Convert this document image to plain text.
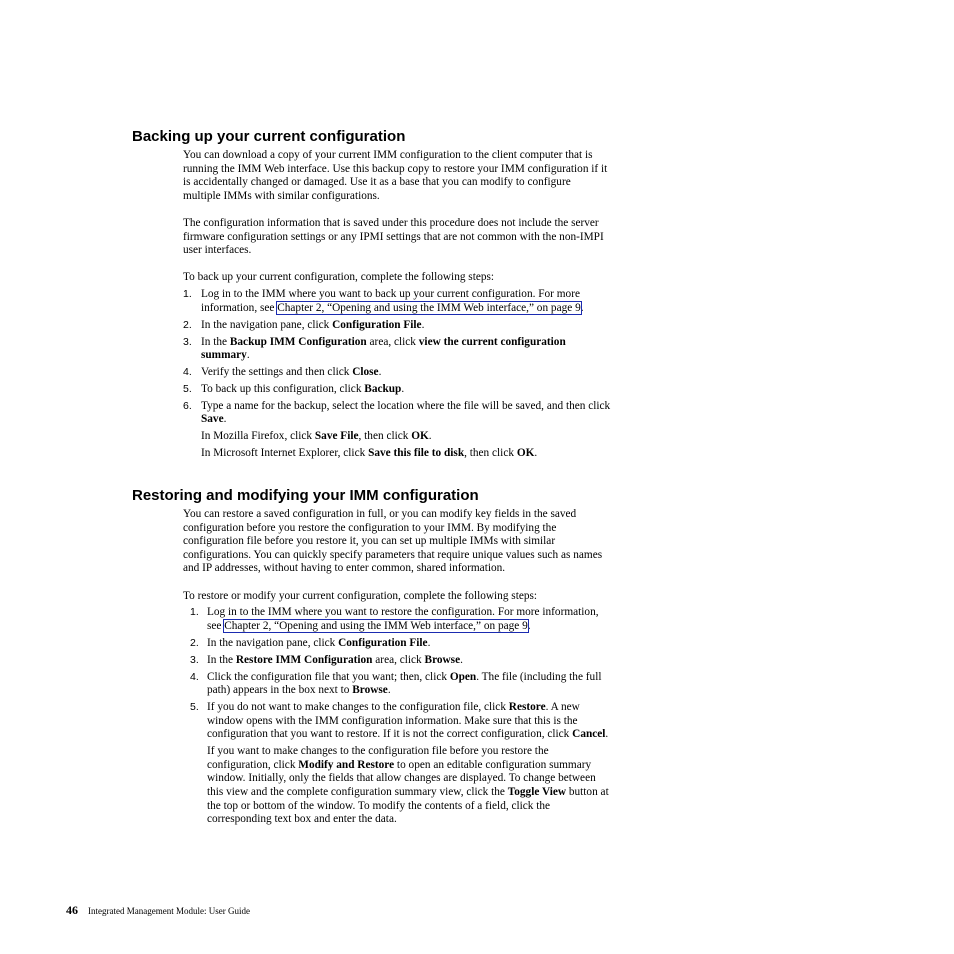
Backing up your current configuration

You can download a copy of your current IMM configuration to the client computer that is running the IMM Web interface. Use this backup copy to restore your IMM configuration if it is accidentally changed or damaged. Use it as a base that you can modify to configure multiple IMMs with similar configurations.

The configuration information that is saved under this procedure does not include the server firmware configuration settings or any IPMI settings that are not common with the non-IMPI user interfaces.

To back up your current configuration, complete the following steps:

1. Log in to the IMM where you want to back up your current configuration. For more information, see Chapter 2, “Opening and using the IMM Web interface,” on page 9.
2. In the navigation pane, click Configuration File.
3. In the Backup IMM Configuration area, click view the current configuration summary.
4. Verify the settings and then click Close.
5. To back up this configuration, click Backup.
6. Type a name for the backup, select the location where the file will be saved, and then click Save.

In Mozilla Firefox, click Save File, then click OK.

In Microsoft Internet Explorer, click Save this file to disk, then click OK.

Restoring and modifying your IMM configuration

You can restore a saved configuration in full, or you can modify key fields in the saved configuration before you restore the configuration to your IMM. By modifying the configuration file before you restore it, you can set up multiple IMMs with similar configurations. You can quickly specify parameters that require unique values such as names and IP addresses, without having to enter common, shared information.

To restore or modify your current configuration, complete the following steps:

1. Log in to the IMM where you want to restore the configuration. For more information, see Chapter 2, “Opening and using the IMM Web interface,” on page 9.
2. In the navigation pane, click Configuration File.
3. In the Restore IMM Configuration area, click Browse.
4. Click the configuration file that you want; then, click Open. The file (including the full path) appears in the box next to Browse.
5. If you do not want to make changes to the configuration file, click Restore. A new window opens with the IMM configuration information. Make sure that this is the configuration that you want to restore. If it is not the correct configuration, click Cancel.

If you want to make changes to the configuration file before you restore the configuration, click Modify and Restore to open an editable configuration summary window. Initially, only the fields that allow changes are displayed. To change between this view and the complete configuration summary view, click the Toggle View button at the top or bottom of the window. To modify the contents of a field, click the corresponding text box and enter the data.

46 Integrated Management Module: User Guide
